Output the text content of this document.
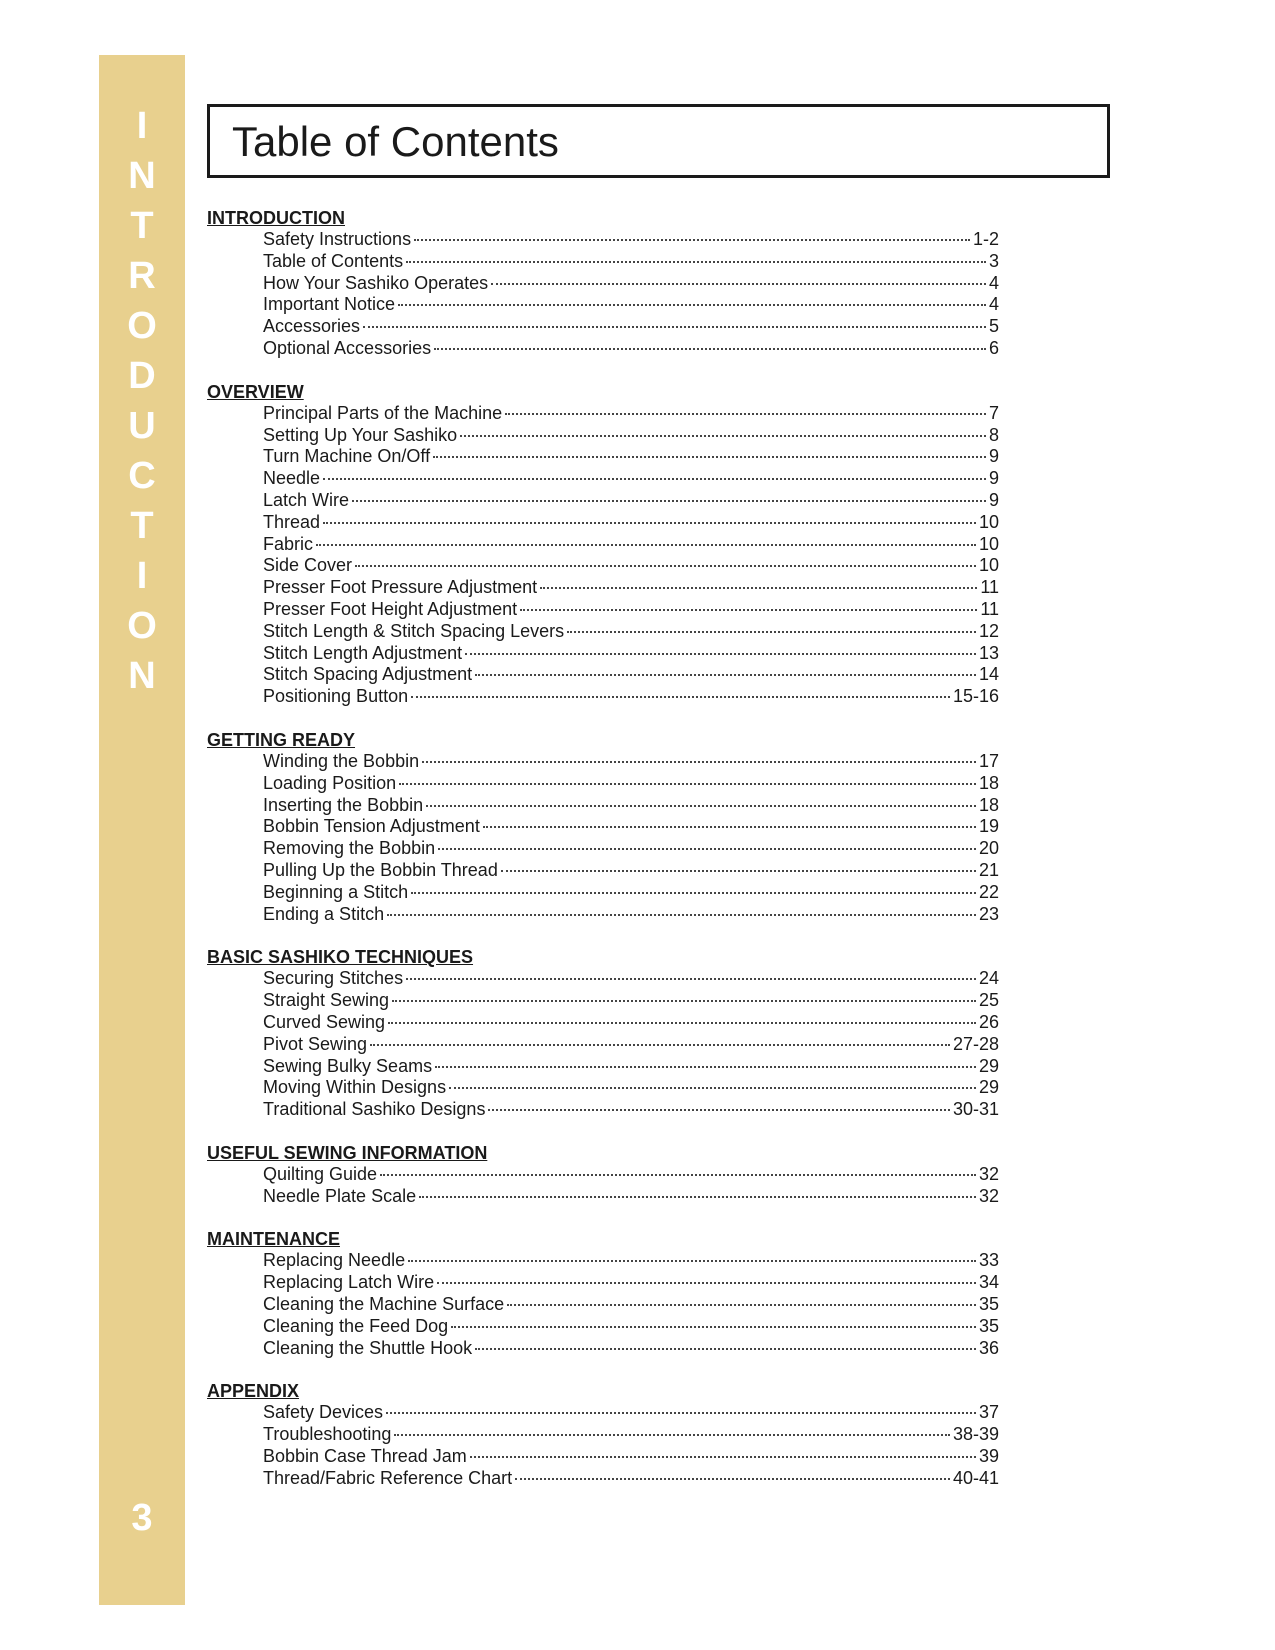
I
N
T
R
O
D
U
C
T
I
O
N
3
Table of Contents
INTRODUCTION
Safety Instructions	1-2
Table of Contents	3
How Your Sashiko Operates	4
Important Notice	4
Accessories	5
Optional Accessories	6
OVERVIEW
Principal Parts of the Machine	7
Setting Up Your Sashiko	8
Turn Machine On/Off	9
Needle	9
Latch Wire	9
Thread	10
Fabric	10
Side Cover	10
Presser Foot Pressure Adjustment	11
Presser Foot Height Adjustment	11
Stitch Length & Stitch Spacing Levers	12
Stitch Length Adjustment	13
Stitch Spacing Adjustment	14
Positioning Button	15-16
GETTING READY
Winding the Bobbin	17
Loading Position	18
Inserting the Bobbin	18
Bobbin Tension Adjustment	19
Removing the Bobbin	20
Pulling Up the Bobbin Thread	21
Beginning a Stitch	22
Ending a Stitch	23
BASIC SASHIKO TECHNIQUES
Securing Stitches	24
Straight Sewing	25
Curved Sewing	26
Pivot Sewing	27-28
Sewing Bulky Seams	29
Moving Within Designs	29
Traditional Sashiko Designs	30-31
USEFUL SEWING INFORMATION
Quilting Guide	32
Needle Plate Scale	32
MAINTENANCE
Replacing Needle	33
Replacing Latch Wire	34
Cleaning the Machine Surface	35
Cleaning the Feed Dog	35
Cleaning the Shuttle Hook	36
APPENDIX
Safety Devices	37
Troubleshooting	38-39
Bobbin Case Thread Jam	39
Thread/Fabric Reference Chart	40-41
